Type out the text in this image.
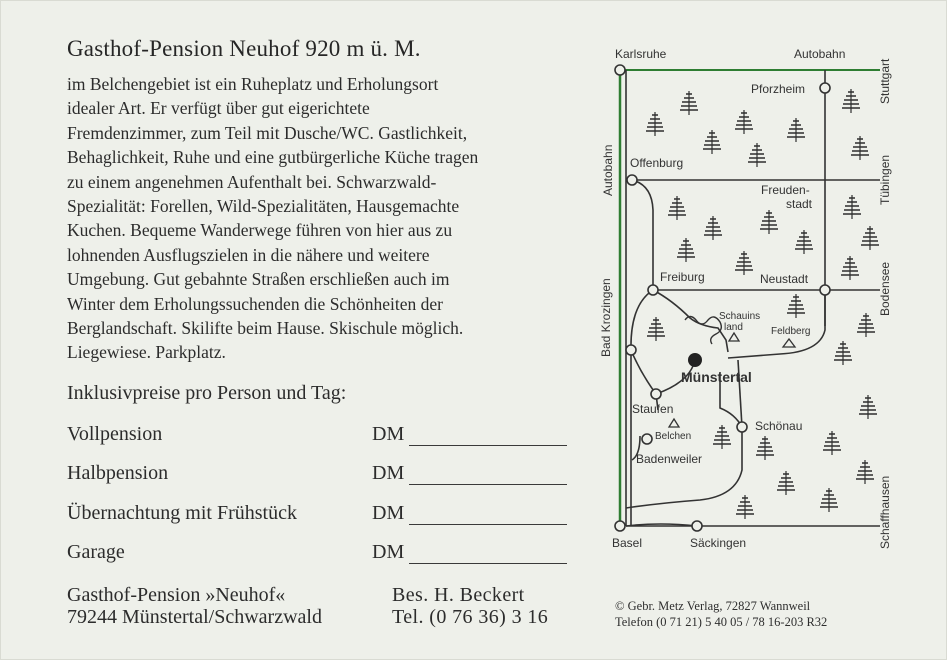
Gasthof-Pension Neuhof 920 m ü. M.
im Belchengebiet ist ein Ruheplatz und Erholungsort
idealer Art. Er verfügt über gut eigerichtete
Fremdenzimmer, zum Teil mit Dusche/WC. Gastlichkeit,
Behaglichkeit, Ruhe und eine gutbürgerliche Küche tragen
zu einem angenehmen Aufenthalt bei. Schwarzwald-
Spezialität: Forellen, Wild-Spezialitäten, Hausgemachte
Kuchen. Bequeme Wanderwege führen von hier aus zu
lohnenden Ausflugszielen in die nähere und weitere
Umgebung. Gut gebahnte Straßen erschließen auch im
Winter dem Erholungssuchenden die Schönheiten der
Berglandschaft. Skilifte beim Hause. Skischule möglich.
Liegewiese. Parkplatz.
Inklusivpreise pro Person und Tag:
Vollpension	DM
Halbpension	DM
Übernachtung mit Frühstück	DM
Garage	DM
Gasthof-Pension »Neuhof«
79244 Münstertal/Schwarzwald
Bes. H. Beckert
Tel. (0 76 36) 3 16	© Gebr. Metz Verlag, 72827 Wannweil
Telefon (0 71 21) 5 40 05 / 78 16-203 R32
Karlsruhe	Autobahn
Stuttgart
Pforzheim
Autobahn Offenburg
Freuden-
stadt	Tübingen
Freiburg	Neustadt	Bodensee
Bad Krozingen	Schauins
land	Feldberg
Münstertal
Staufen
Belchen
Schönau
Badenweiler
Basel	Säckingen	Schaffhausen
